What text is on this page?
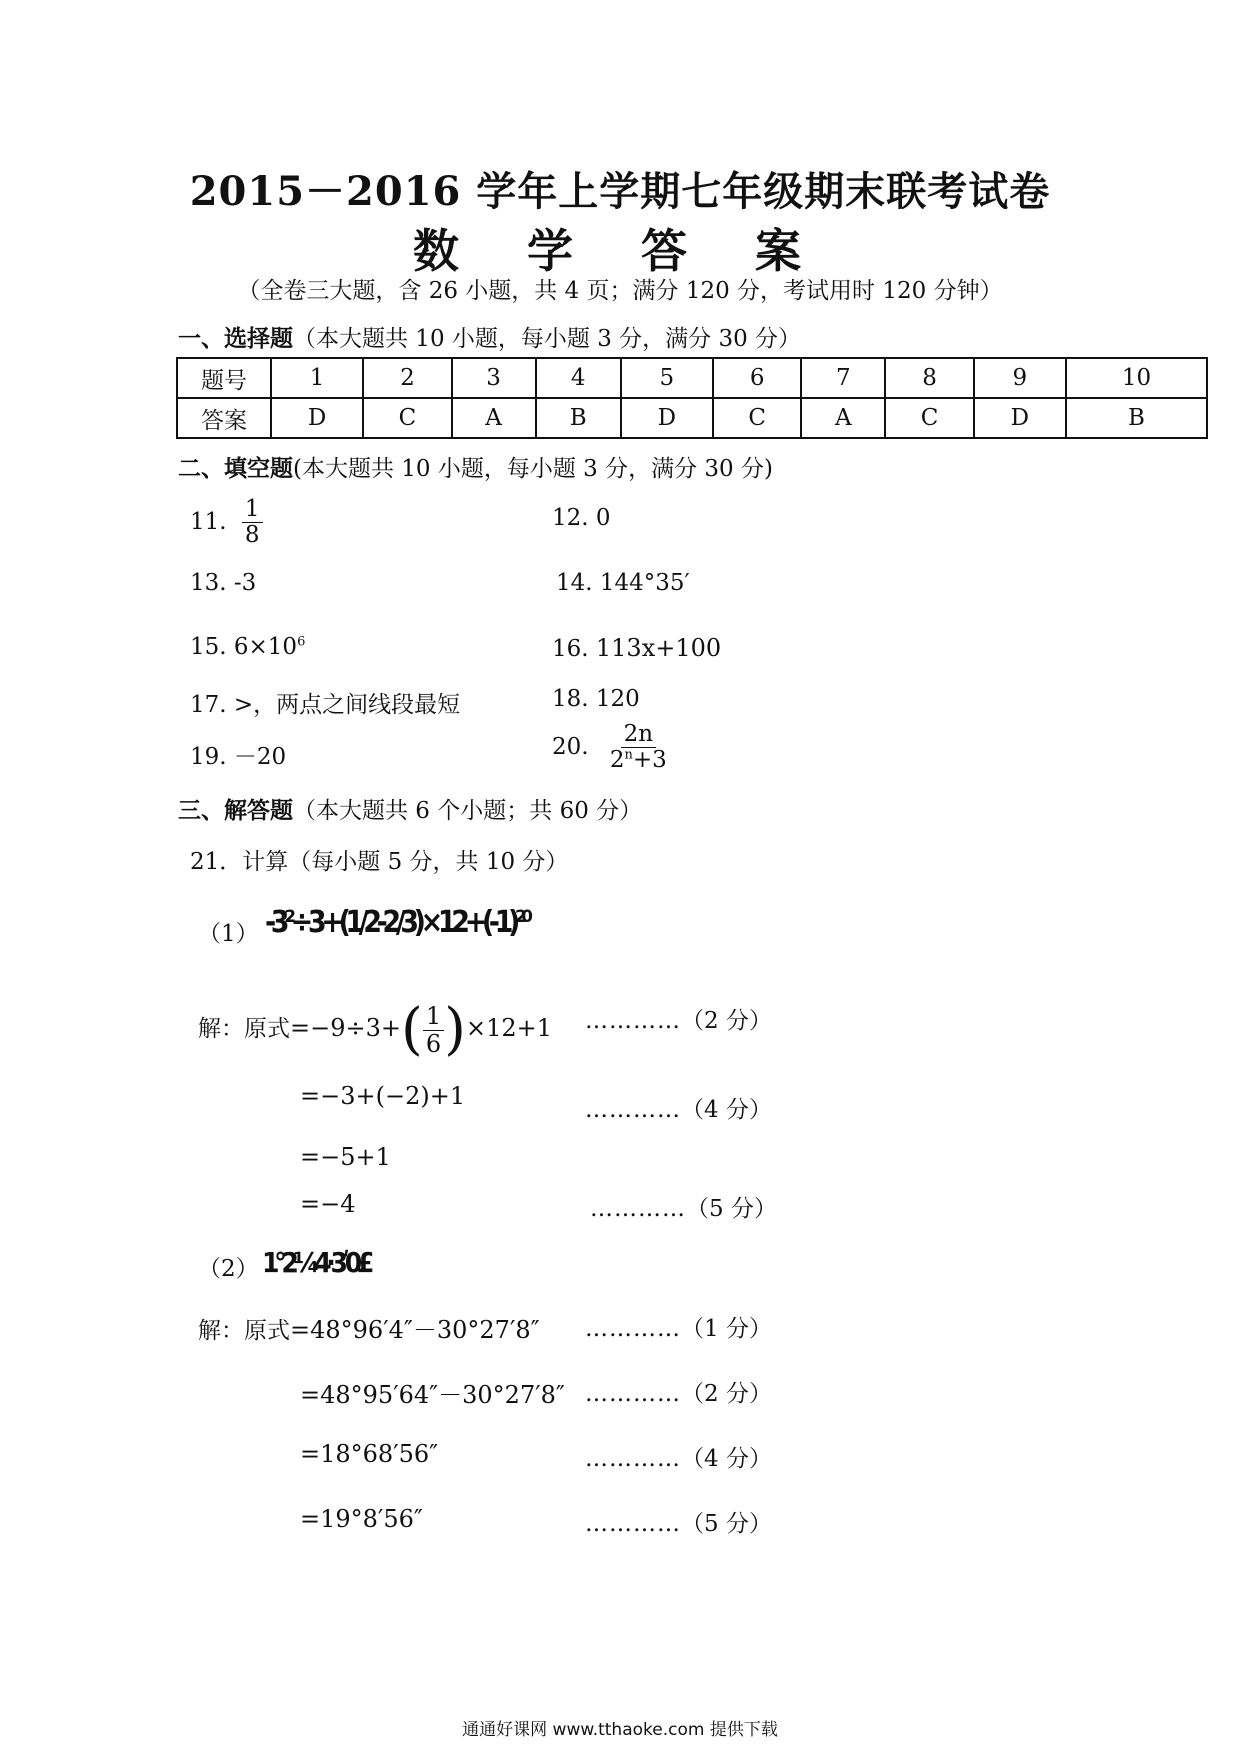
2015－2016 学年上学期七年级期末联考试卷
数 学 答 案
（全卷三大题，含 26 小题，共 4 页；满分 120 分，考试用时 120 分钟）
一、选择题（本大题共 10 小题，每小题 3 分，满分 30 分）
题号	1	2	3	4	5	6	7	8	9	10
答案	D	C	A	B	D	C	A	C	D	B
二、填空题(本大题共 10 小题，每小题 3 分，满分 30 分)
11. $\frac{1}{8}$	12. 0
13. -3	14. 144°35′
15. $6\times 10^6$	16. 113x+100
17. >，两点之间线段最短	18. 120
19. －20	20. $\frac{2n}{2^n+3}$
三、解答题（本大题共 6 个小题；共 60 分）
21．计算（每小题 5 分，共 10 分）
（1） -3²÷3+(1/2-2/3)×12+(-1)²⁰
解：原式$=-9\div 3+( \frac{1}{6} )\times 12+1$ …………（2 分）
=−3+(−2)+1	…………（4 分）
=−5+1
=−4	…………（5 分）
（2） 1°2¼4·3ʹ0£
解：原式=48°96′4″－30°27′8″ …………（1 分）
=48°95′64″－30°27′8″ …………（2 分）
=18°68′56″	…………（4 分）
=19°8′56″	…………（5 分）
通通好课网 www.tthaoke.com 提供下载
